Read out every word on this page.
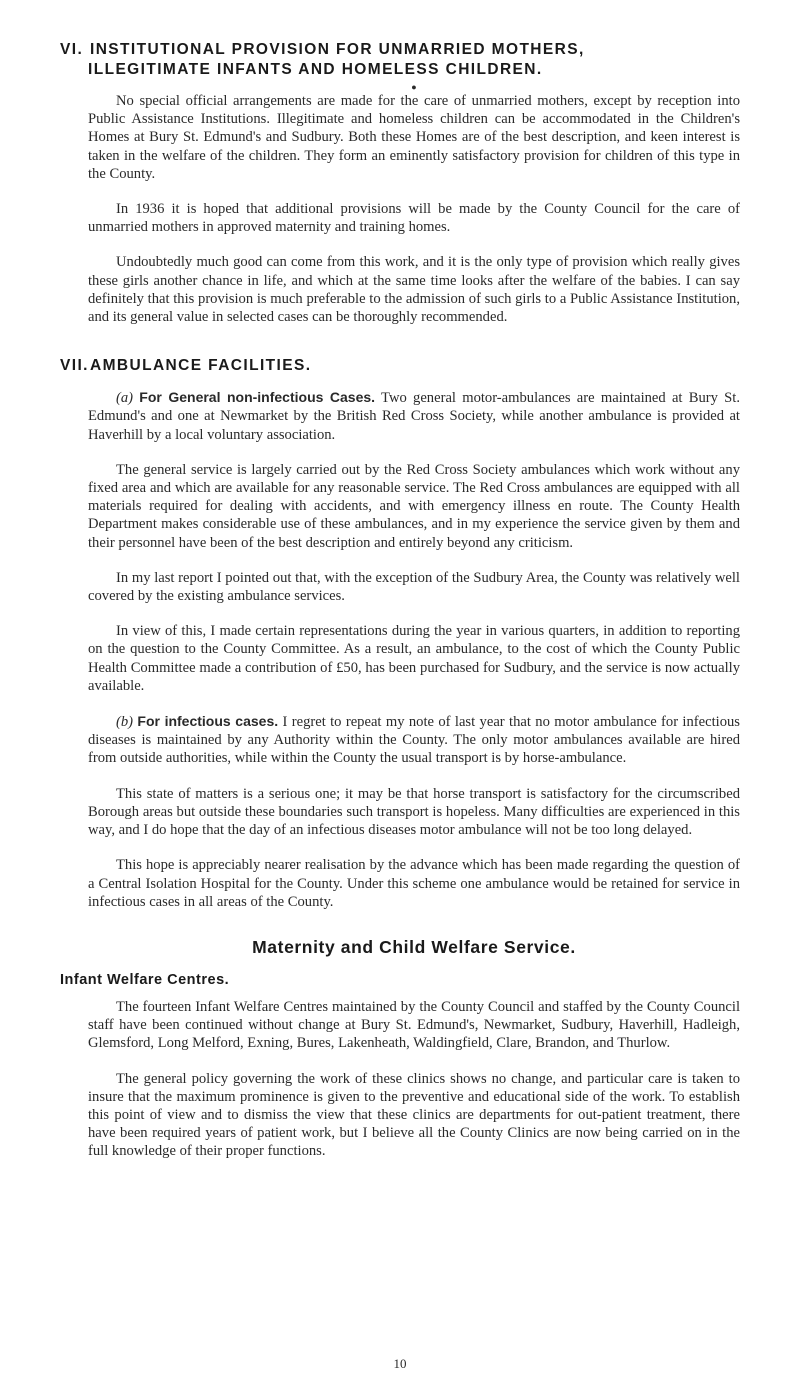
VI. INSTITUTIONAL PROVISION FOR UNMARRIED MOTHERS,
ILLEGITIMATE INFANTS AND HOMELESS CHILDREN.
●

No special official arrangements are made for the care of unmarried mothers, except by reception into Public Assistance Institutions. Illegitimate and homeless children can be accommodated in the Children's Homes at Bury St. Edmund's and Sudbury. Both these Homes are of the best description, and keen interest is taken in the welfare of the children. They form an eminently satisfactory provision for children of this type in the County.

In 1936 it is hoped that additional provisions will be made by the County Council for the care of unmarried mothers in approved maternity and training homes.

Undoubtedly much good can come from this work, and it is the only type of provision which really gives these girls another chance in life, and which at the same time looks after the welfare of the babies. I can say definitely that this provision is much preferable to the admission of such girls to a Public Assistance Institution, and its general value in selected cases can be thoroughly recommended.

VII.AMBULANCE FACILITIES.

(a) For General non-infectious Cases. Two general motor-ambulances are maintained at Bury St. Edmund's and one at Newmarket by the British Red Cross Society, while another ambulance is provided at Haverhill by a local voluntary association.

The general service is largely carried out by the Red Cross Society ambulances which work without any fixed area and which are available for any reasonable service. The Red Cross ambulances are equipped with all materials required for dealing with accidents, and with emergency illness en route. The County Health Department makes considerable use of these ambulances, and in my experience the service given by them and their personnel have been of the best description and entirely beyond any criticism.

In my last report I pointed out that, with the exception of the Sudbury Area, the County was relatively well covered by the existing ambulance services.

In view of this, I made certain representations during the year in various quarters, in addition to reporting on the question to the County Committee. As a result, an ambulance, to the cost of which the County Public Health Committee made a contribution of £50, has been purchased for Sudbury, and the service is now actually available.

(b) For infectious cases. I regret to repeat my note of last year that no motor ambulance for infectious diseases is maintained by any Authority within the County. The only motor ambulances available are hired from outside authorities, while within the County the usual transport is by horse-ambulance.

This state of matters is a serious one; it may be that horse transport is satisfactory for the circumscribed Borough areas but outside these boundaries such transport is hopeless. Many difficulties are experienced in this way, and I do hope that the day of an infectious diseases motor ambulance will not be too long delayed.

This hope is appreciably nearer realisation by the advance which has been made regarding the question of a Central Isolation Hospital for the County. Under this scheme one ambulance would be retained for service in infectious cases in all areas of the County.

Maternity and Child Welfare Service.
Infant Welfare Centres.

The fourteen Infant Welfare Centres maintained by the County Council and staffed by the County Council staff have been continued without change at Bury St. Edmund's, Newmarket, Sudbury, Haverhill, Hadleigh, Glemsford, Long Melford, Exning, Bures, Lakenheath, Waldingfield, Clare, Brandon, and Thurlow.

The general policy governing the work of these clinics shows no change, and particular care is taken to insure that the maximum prominence is given to the preventive and educational side of the work. To establish this point of view and to dismiss the view that these clinics are departments for out-patient treatment, there have been required years of patient work, but I believe all the County Clinics are now being carried on in the full knowledge of their proper functions.

10
